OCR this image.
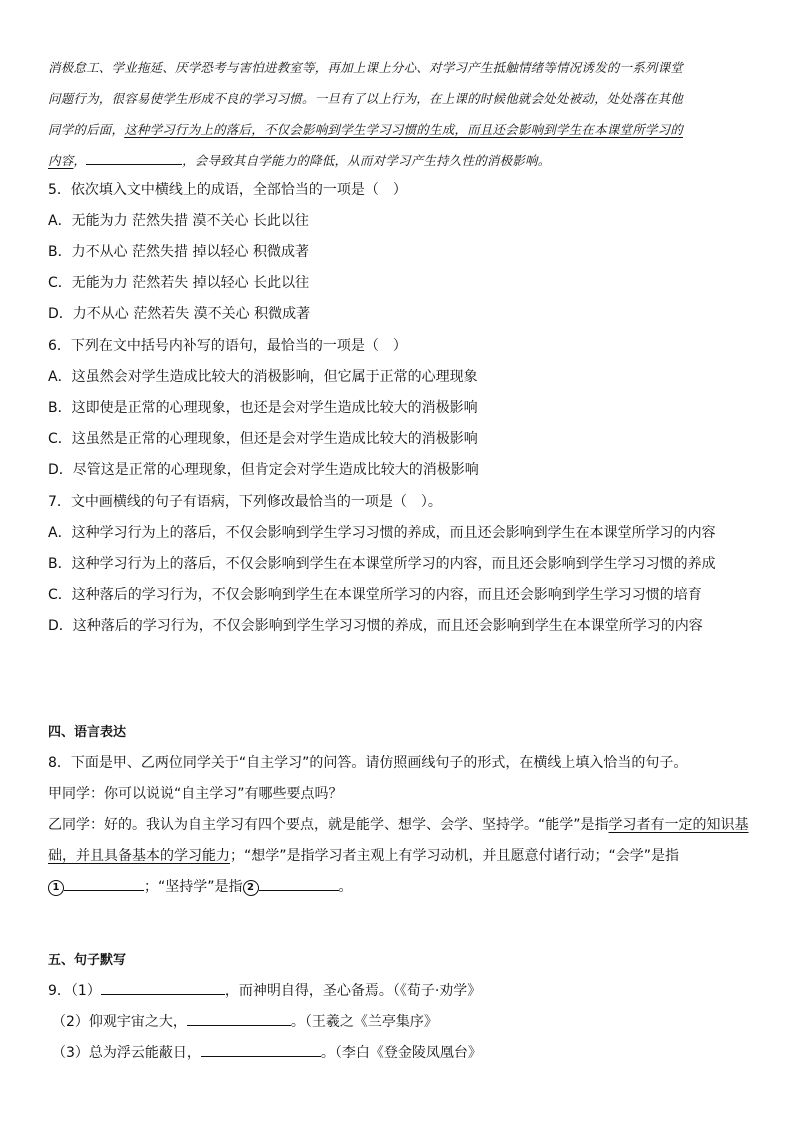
消极怠工、学业拖延、厌学恐考与害怕进教室等，再加上课上分心、对学习产生抵触情绪等情况诱发的一系列课堂
问题行为，很容易使学生形成不良的学习习惯。一旦有了以上行为，在上课的时候他就会处处被动，处处落在其他
同学的后面，这种学习行为上的落后，不仅会影响到学生学习习惯的生成，而且还会影响到学生在本课堂所学习的
内容，	，会导致其自学能力的降低，从而对学习产生持久性的消极影响。
5．依次填入文中横线上的成语，全部恰当的一项是（　）
A．无能为力 茫然失措 漠不关心 长此以往
B．力不从心 茫然失措 掉以轻心 积微成著
C．无能为力 茫然若失 掉以轻心 长此以往
D．力不从心 茫然若失 漠不关心 积微成著
6．下列在文中括号内补写的语句，最恰当的一项是（　）
A．这虽然会对学生造成比较大的消极影响，但它属于正常的心理现象
B．这即使是正常的心理现象，也还是会对学生造成比较大的消极影响
C．这虽然是正常的心理现象，但还是会对学生造成比较大的消极影响
D．尽管这是正常的心理现象，但肯定会对学生造成比较大的消极影响
7．文中画横线的句子有语病，下列修改最恰当的一项是（　）。
A．这种学习行为上的落后，不仅会影响到学生学习习惯的养成，而且还会影响到学生在本课堂所学习的内容
B．这种学习行为上的落后，不仅会影响到学生在本课堂所学习的内容，而且还会影响到学生学习习惯的养成
C．这种落后的学习行为，不仅会影响到学生在本课堂所学习的内容，而且还会影响到学生学习习惯的培育
D．这种落后的学习行为，不仅会影响到学生学习习惯的养成，而且还会影响到学生在本课堂所学习的内容
四、语言表达
8．下面是甲、乙两位同学关于“自主学习”的问答。请仿照画线句子的形式，在横线上填入恰当的句子。
甲同学：你可以说说“自主学习”有哪些要点吗？
乙同学：好的。我认为自主学习有四个要点，就是能学、想学、会学、坚持学。“能学”是指学习者有一定的知识基
础，并且具备基本的学习能力；“想学”是指学习者主观上有学习动机，并且愿意付诸行动；“会学”是指
1	；“坚持学”是指 2	。
五、句子默写
9．（1）	，而神明自得，圣心备焉。（《荀子·劝学》
（2）仰观宇宙之大，	。（王羲之《兰亭集序》
（3）总为浮云能蔽日，	。（李白《登金陵凤凰台》
